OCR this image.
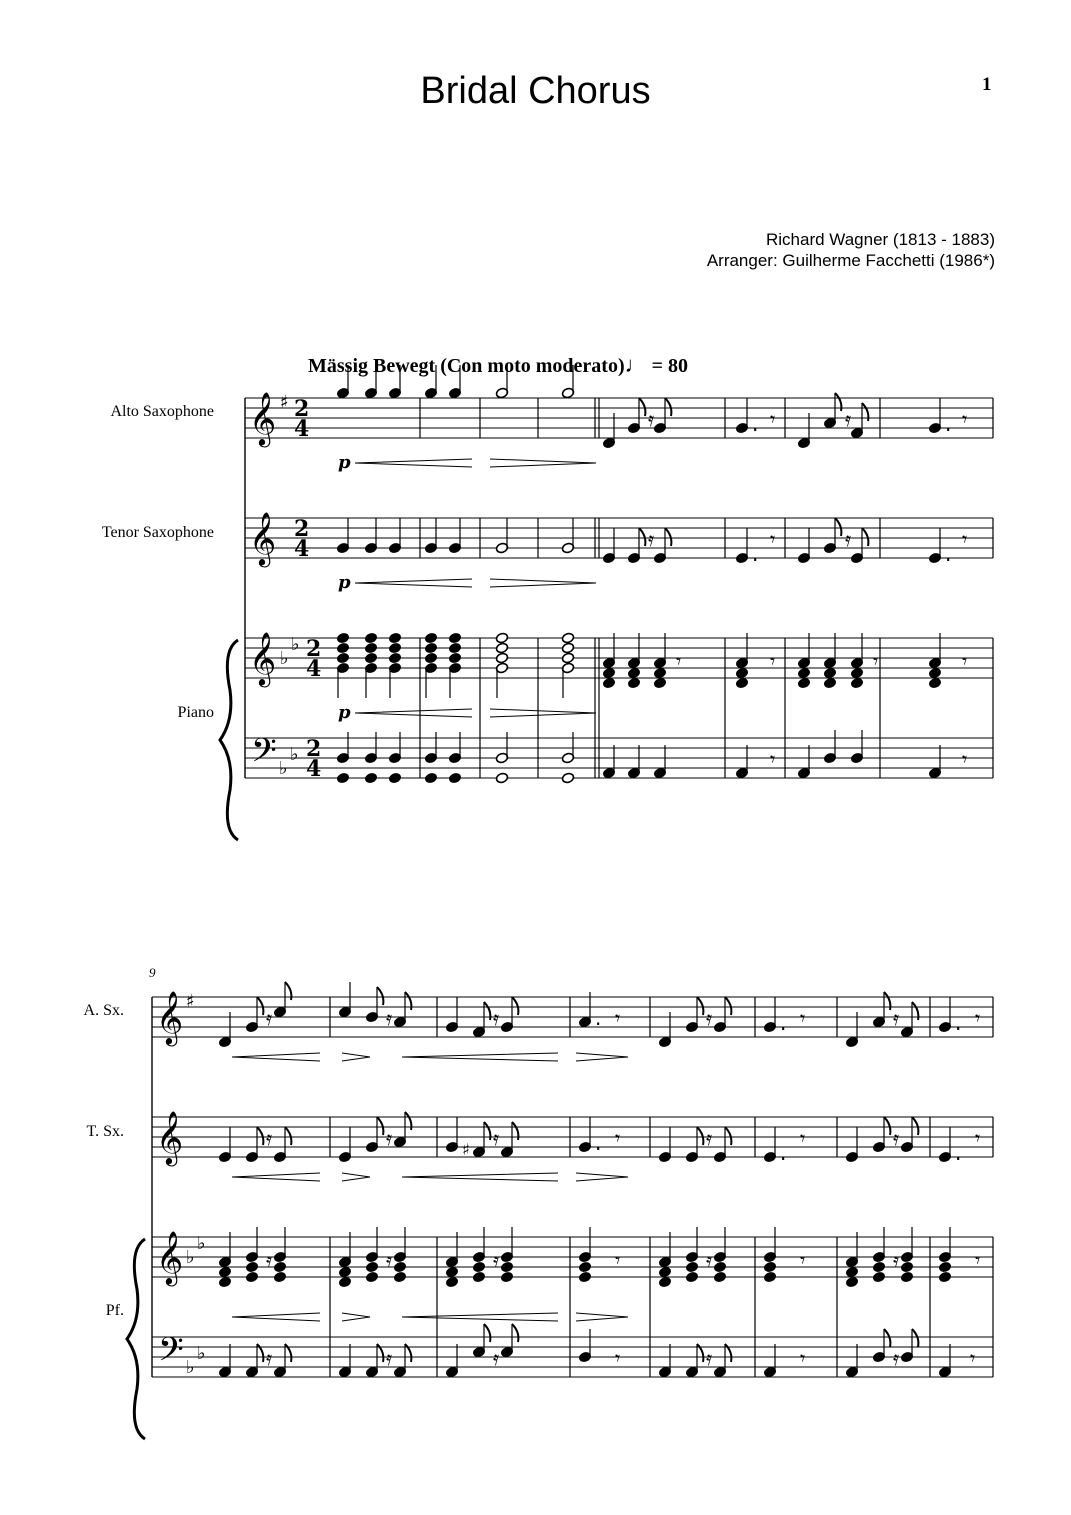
Bridal Chorus	1
Richard Wagner (1813 - 1883)
Arranger: Guilherme Facchetti (1986*)
Mässig Bewegt (Con moto moderato)♩ = 80
Alto Saxophone
Tenor Saxophone
Piano
A. Sx.
T. Sx.
Pf.
9
𝄞
𝄞
𝄞
𝄢
♯
♭
♭
♭
♭
2
4
2
4
2
4
2
4
𝄿	. 𝄾	𝄿	. 𝄾
𝄿
.
𝄾	𝄿
.
𝄾
𝄾	𝄾	𝄾	𝄾
𝄾	𝄾
p
p
p
𝄞
𝄞
𝄞
𝄢
♯
♭
♭
♭
♭
𝄿	𝄿	𝄿	. 𝄾	𝄿	. 𝄾	𝄿	. 𝄾
𝄿	𝄿	𝄿
♯	. 𝄾	𝄿
.
𝄾	𝄿
.
𝄾
𝄿	𝄿	𝄿	𝄿	𝄿
𝄾	𝄾	𝄾
𝄿	𝄿	𝄿	𝄿	𝄿
𝄾	𝄾	𝄾
